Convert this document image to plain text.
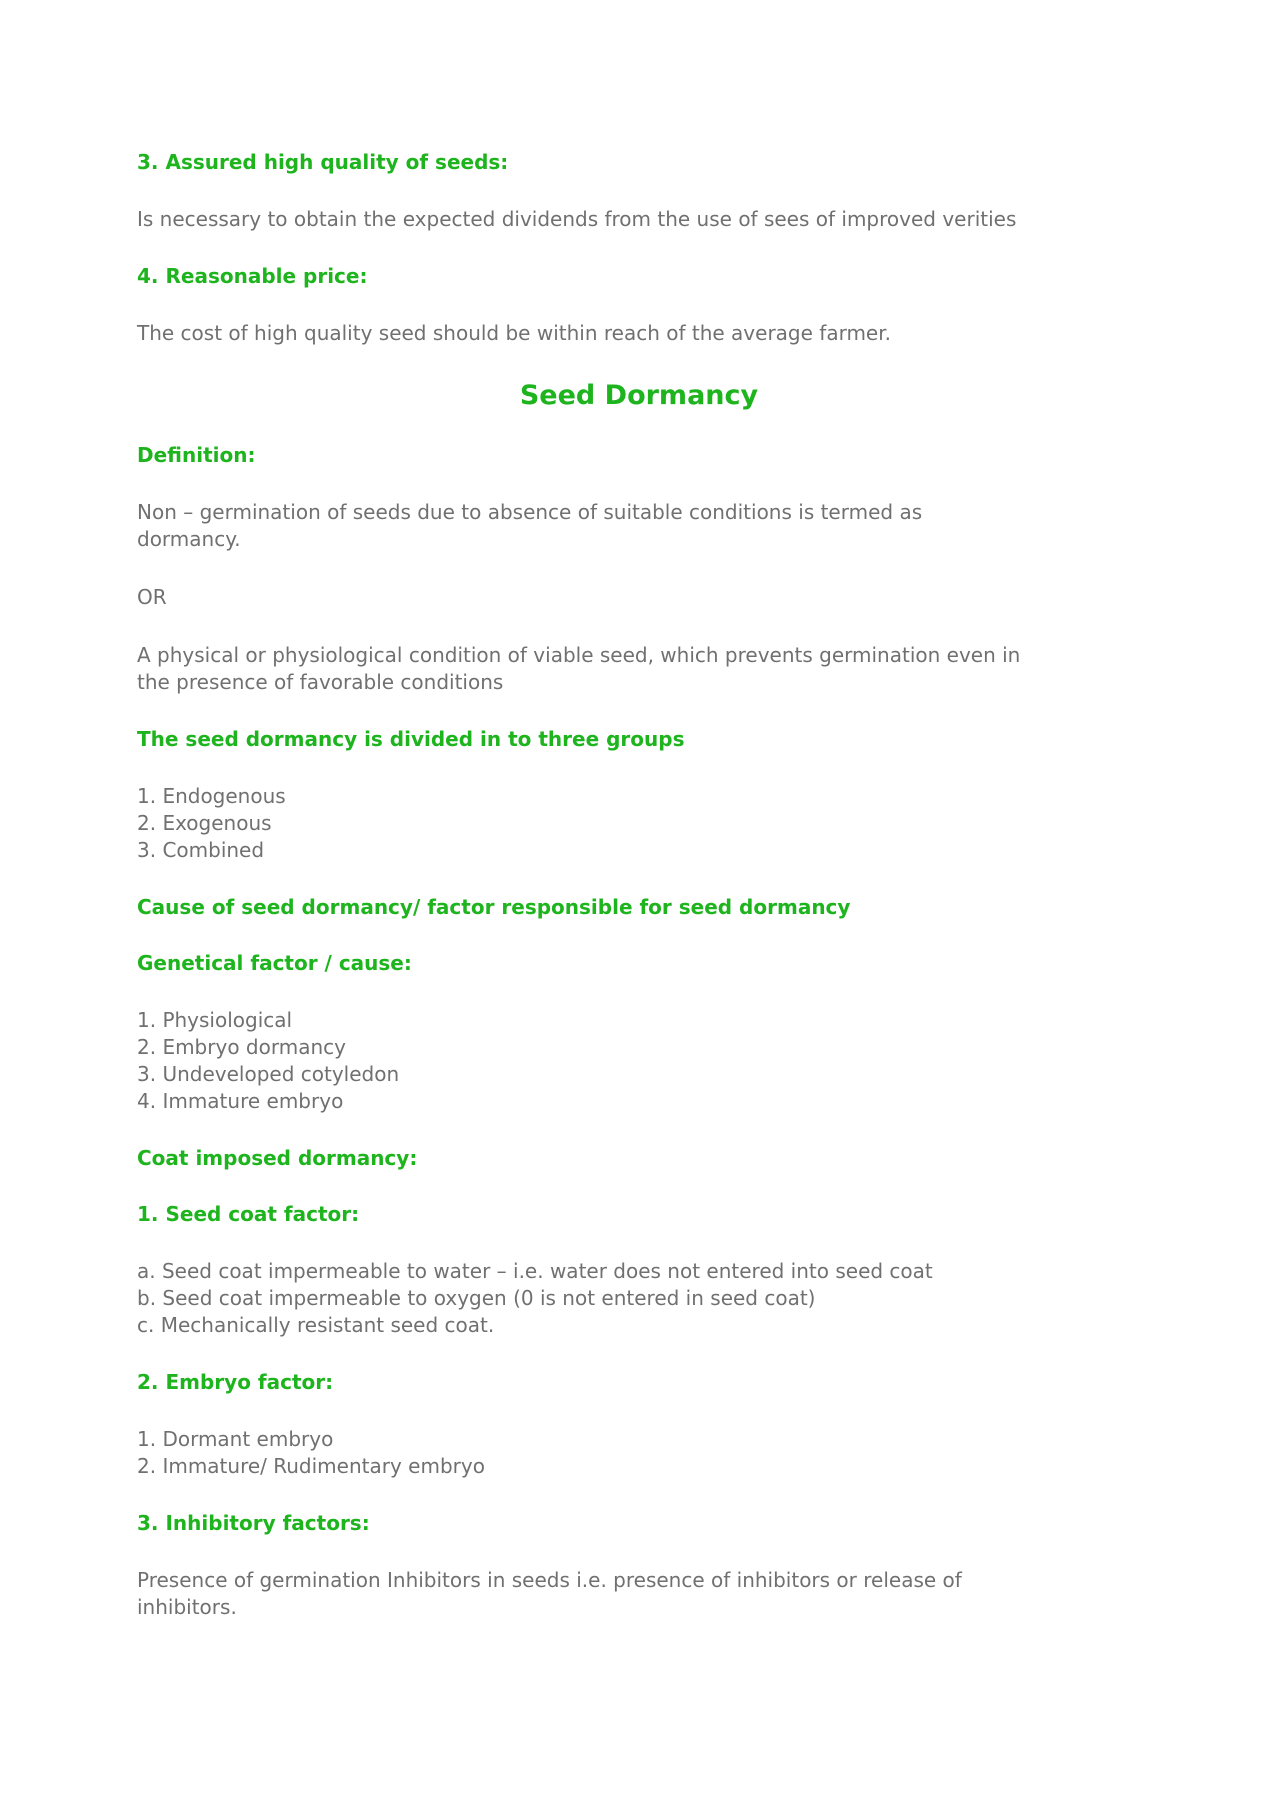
3. Assured high quality of seeds:
Is necessary to obtain the expected dividends from the use of sees of improved verities
4. Reasonable price:
The cost of high quality seed should be within reach of the average farmer.
Seed Dormancy
Definition:
Non – germination of seeds due to absence of suitable conditions is termed as
dormancy.
OR
A physical or physiological condition of viable seed, which prevents germination even in
the presence of favorable conditions
The seed dormancy is divided in to three groups
1. Endogenous
2. Exogenous
3. Combined
Cause of seed dormancy/ factor responsible for seed dormancy
Genetical factor / cause:
1. Physiological
2. Embryo dormancy
3. Undeveloped cotyledon
4. Immature embryo
Coat imposed dormancy:
1. Seed coat factor:
a. Seed coat impermeable to water – i.e. water does not entered into seed coat
b. Seed coat impermeable to oxygen (0 is not entered in seed coat)
c. Mechanically resistant seed coat.
2. Embryo factor:
1. Dormant embryo
2. Immature/ Rudimentary embryo
3. Inhibitory factors:
Presence of germination Inhibitors in seeds i.e. presence of inhibitors or release of
inhibitors.
